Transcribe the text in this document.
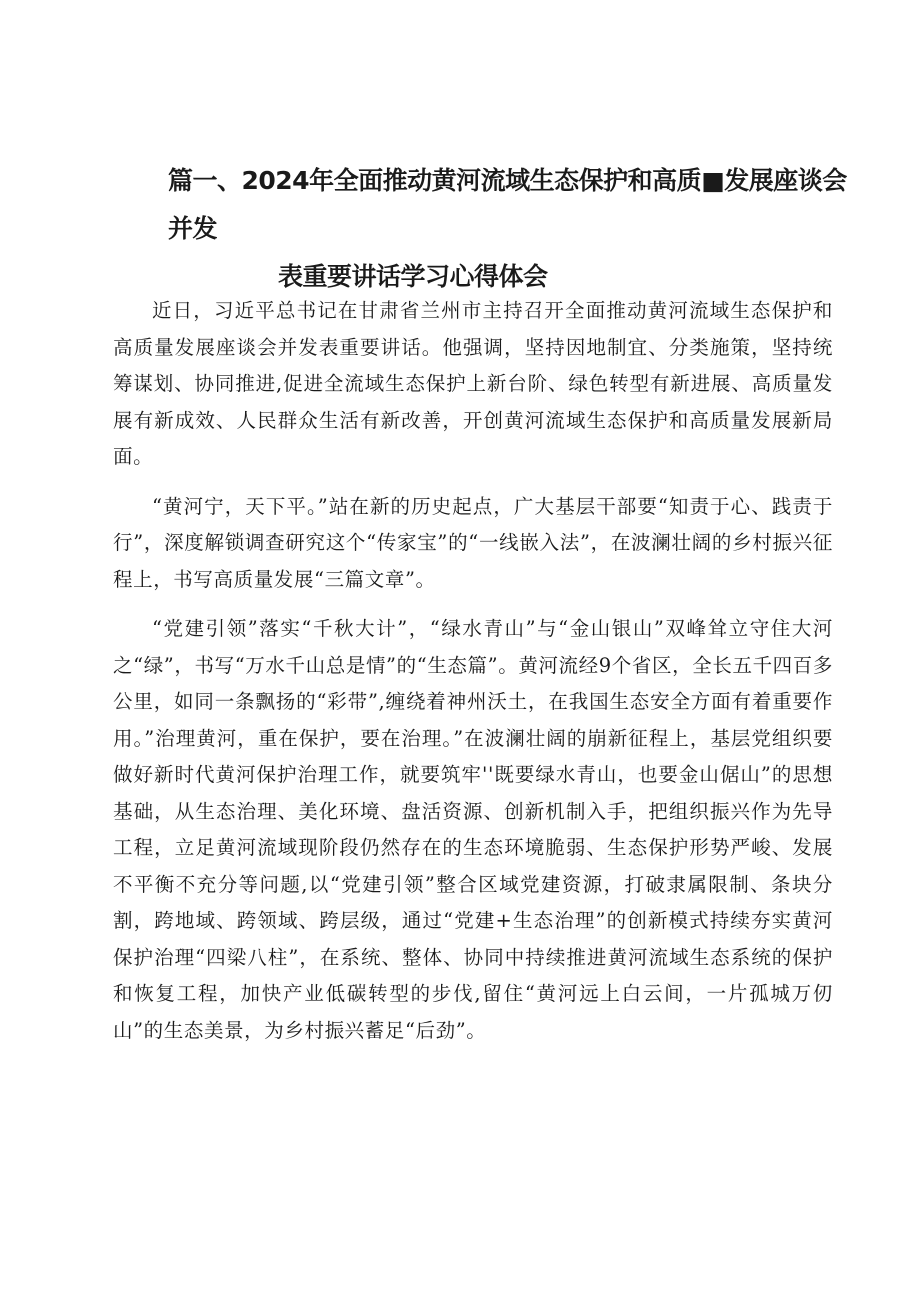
篇一、2024年全面推动黄河流域生态保护和高质■发展座谈会并发
表重要讲话学习心得体会

近日，习近平总书记在甘肃省兰州市主持召开全面推动黄河流域生态保护和高质量发展座谈会并发表重要讲话。他强调，坚持因地制宜、分类施策，坚持统筹谋划、协同推进,促进全流域生态保护上新台阶、绿色转型有新进展、高质量发展有新成效、人民群众生活有新改善，开创黄河流域生态保护和高质量发展新局面。

“黄河宁，天下平。”站在新的历史起点，广大基层干部要“知责于心、践责于行”，深度解锁调查研究这个“传家宝”的“一线嵌入法”，在波澜壮阔的乡村振兴征程上，书写高质量发展“三篇文章”。

“党建引领”落实“千秋大计”，“绿水青山”与“金山银山”双峰耸立守住大河之“绿”，书写“万水千山总是情”的“生态篇”。黄河流经9个省区，全长五千四百多公里，如同一条飘扬的“彩带”,缠绕着神州沃土，在我国生态安全方面有着重要作用。”治理黄河，重在保护，要在治理。”在波澜壮阔的崩新征程上，基层党组织要做好新时代黄河保护治理工作，就要筑牢''既要绿水青山，也要金山倨山”的思想基础，从生态治理、美化环境、盘活资源、创新机制入手，把组织振兴作为先导工程，立足黄河流域现阶段仍然存在的生态环境脆弱、生态保护形势严峻、发展不平衡不充分等问题,以“党建引领”整合区域党建资源，打破隶属限制、条块分割，跨地域、跨领域、跨层级，通过“党建+生态治理”的创新模式持续夯实黄河保护治理“四梁八柱”，在系统、整体、协同中持续推进黄河流域生态系统的保护和恢复工程，加快产业低碳转型的步伐,留住“黄河远上白云间，一片孤城万仞山”的生态美景，为乡村振兴蓄足“后劲”。
